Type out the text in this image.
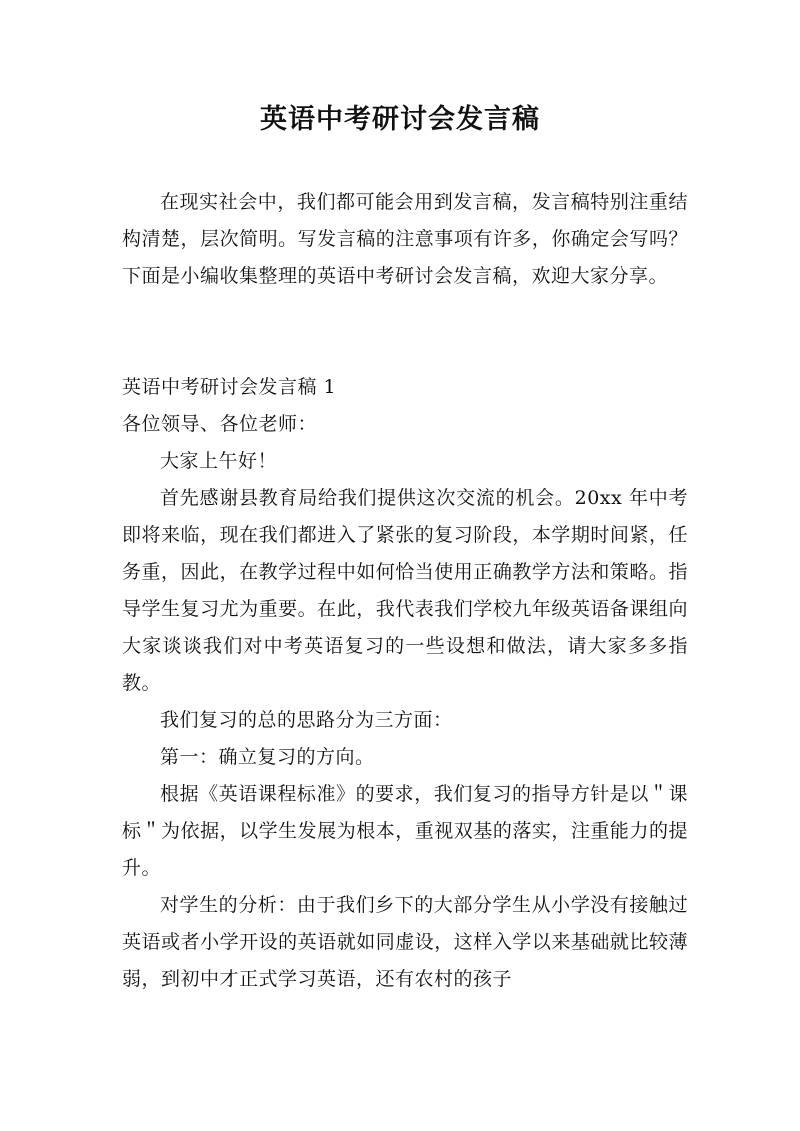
英语中考研讨会发言稿

在现实社会中，我们都可能会用到发言稿，发言稿特别注重结构清楚，层次简明。写发言稿的注意事项有许多，你确定会写吗？下面是小编收集整理的英语中考研讨会发言稿，欢迎大家分享。

英语中考研讨会发言稿 1

各位领导、各位老师：

大家上午好！

首先感谢县教育局给我们提供这次交流的机会。20xx 年中考即将来临，现在我们都进入了紧张的复习阶段，本学期时间紧，任务重，因此，在教学过程中如何恰当使用正确教学方法和策略。指导学生复习尤为重要。在此，我代表我们学校九年级英语备课组向大家谈谈我们对中考英语复习的一些设想和做法，请大家多多指教。

我们复习的总的思路分为三方面：

第一：确立复习的方向。

根据《英语课程标准》的要求，我们复习的指导方针是以＂课标＂为依据，以学生发展为根本，重视双基的落实，注重能力的提升。

对学生的分析：由于我们乡下的大部分学生从小学没有接触过英语或者小学开设的英语就如同虚设，这样入学以来基础就比较薄弱，到初中才正式学习英语，还有农村的孩子
